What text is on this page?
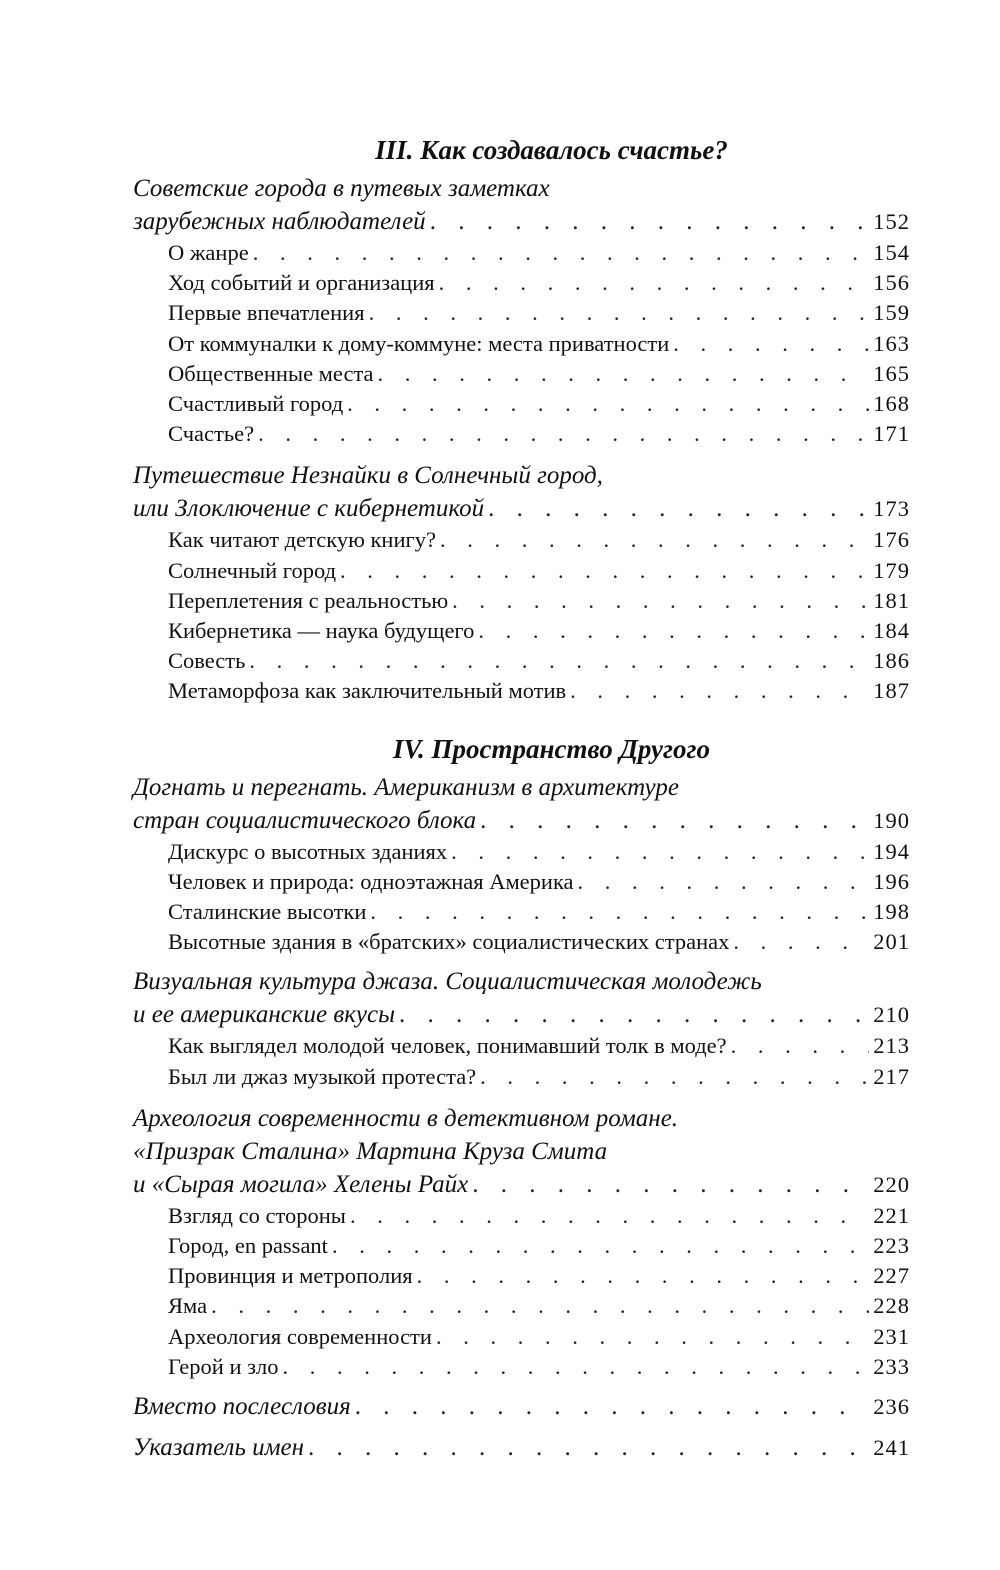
III. Как создавалось счастье?
Советские города в путевых заметках
зарубежных наблюдателей . . .	152
О жанре . . .	154
Ход событий и организация . . .	156
Первые впечатления . . .	159
От коммуналки к дому-коммуне: места приватности . . .	163
Общественные места . . .	165
Счастливый город . . .	168
Счастье? . . .	171
Путешествие Незнайки в Солнечный город,
или Злоключение с кибернетикой . . .	173
Как читают детскую книгу? . . .	176
Солнечный город . . .	179
Переплетения с реальностью . . .	181
Кибернетика — наука будущего . . .	184
Совесть . . .	186
Метаморфоза как заключительный мотив . . .	187
IV. Пространство Другого
Догнать и перегнать. Американизм в архитектуре
стран социалистического блока . . .	190
Дискурс о высотных зданиях . . .	194
Человек и природа: одноэтажная Америка . . .	196
Сталинские высотки . . .	198
Высотные здания в «братских» социалистических странах . . .	201
Визуальная культура джаза. Социалистическая молодежь
и ее американские вкусы . . .	210
Как выглядел молодой человек, понимавший толк в моде? . . .	213
Был ли джаз музыкой протеста? . . .	217
Археология современности в детективном романе.
«Призрак Сталина» Мартина Круза Смита
и «Сырая могила» Хелены Райх . . .	220
Взгляд со стороны . . .	221
Город, en passant . . .	223
Провинция и метрополия . . .	227
Яма . . .	228
Археология современности . . .	231
Герой и зло . . .	233
Вместо послесловия . . .	236
Указатель имен . . .	241
